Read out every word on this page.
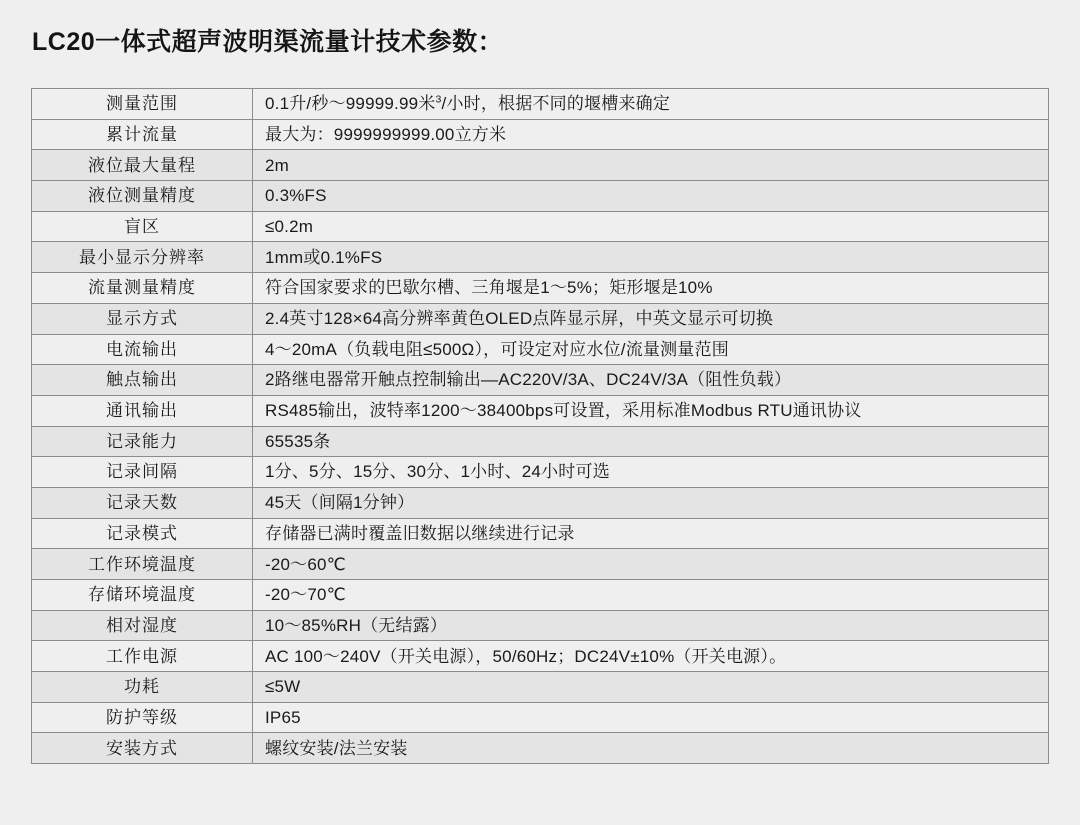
LC20一体式超声波明渠流量计技术参数：
测量范围	0.1升/秒～99999.99米$^3$/小时，根据不同的堰槽来确定
累计流量	最大为：9999999999.00立方米
液位最大量程	2m
液位测量精度	0.3%FS
盲区	≤0.2m
最小显示分辨率	1mm或0.1%FS
流量测量精度	符合国家要求的巴歇尔槽、三角堰是1～5%；矩形堰是10%
显示方式	2.4英寸128×64高分辨率黄色OLED点阵显示屏，中英文显示可切换
电流输出	4～20mA（负载电阻≤500Ω），可设定对应水位/流量测量范围
触点输出	2路继电器常开触点控制输出—AC220V/3A、DC24V/3A（阻性负载）
通讯输出	RS485输出，波特率1200～38400bps可设置，采用标准Modbus RTU通讯协议
记录能力	65535条
记录间隔	1分、5分、15分、30分、1小时、24小时可选
记录天数	45天（间隔1分钟）
记录模式	存储器已满时覆盖旧数据以继续进行记录
工作环境温度	-20～60℃
存储环境温度	-20～70℃
相对湿度	10～85%RH（无结露）
工作电源	AC 100～240V（开关电源），50/60Hz；DC24V±10%（开关电源）。
功耗	≤5W
防护等级	IP65
安装方式	螺纹安装/法兰安装
